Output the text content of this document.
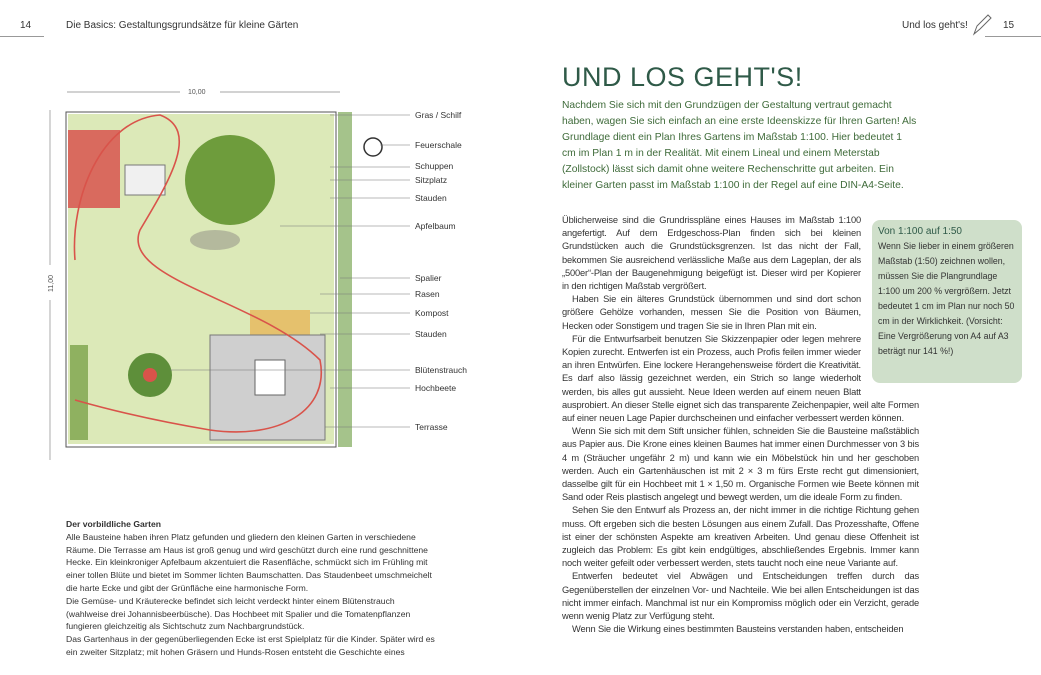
14	Die Basics: Gestaltungsgrundsätze für kleine Gärten	Und los geht's!	15
10,00
11,00
Gras / Schilf
Feuerschale
Schuppen
Sitzplatz
Stauden
Apfelbaum
Spalier
Rasen
Kompost
Stauden
Blütenstrauch
Hochbeete
Terrasse
Der vorbildliche Garten

Alle Bausteine haben ihren Platz gefunden und gliedern den kleinen Garten in verschiedene Räume. Die Terrasse am Haus ist groß genug und wird geschützt durch eine rund geschnittene Hecke. Ein kleinkroniger Apfelbaum akzentuiert die Rasenfläche, schmückt sich im Frühling mit einer tollen Blüte und bietet im Sommer lichten Baumschatten. Das Staudenbeet umschmeichelt die harte Ecke und gibt der Grünfläche eine harmonische Form.

Die Gemüse- und Kräuterecke befindet sich leicht verdeckt hinter einem Blütenstrauch (wahlweise drei Johannisbeerbüsche). Das Hochbeet mit Spalier und die Tomatenpflanzen fungieren gleichzeitig als Sichtschutz zum Nachbargrundstück.

Das Gartenhaus in der gegenüberliegenden Ecke ist erst Spielplatz für die Kinder. Später wird es ein zweiter Sitzplatz; mit hohen Gräsern und Hunds-Rosen entsteht die Geschichte eines

UND LOS GEHT'S!

Nachdem Sie sich mit den Grundzügen der Gestaltung vertraut gemacht haben, wagen Sie sich einfach an eine erste Ideenskizze für Ihren Garten! Als Grundlage dient ein Plan Ihres Gartens im Maßstab 1:100. Hier bedeutet 1 cm im Plan 1 m in der Realität. Mit einem Lineal und einem Meterstab (Zollstock) lässt sich damit ohne weitere Rechenschritte gut arbeiten. Ein kleiner Garten passt im Maßstab 1:100 in der Regel auf eine DIN-A4-Seite.

Üblicherweise sind die Grundrisspläne eines Hauses im Maßstab 1:100 angefertigt. Auf dem Erdgeschoss-Plan finden sich bei kleinen Grundstücken auch die Grundstücksgrenzen. Ist das nicht der Fall, bekommen Sie ausreichend verlässliche Maße aus dem Lageplan, der als „500er“-Plan der Baugenehmigung beigefügt ist. Dieser wird per Kopierer in den richtigen Maßstab vergrößert.

Haben Sie ein älteres Grundstück übernommen und sind dort schon größere Gehölze vorhanden, messen Sie die Position von Bäumen, Hecken oder Sonstigem und tragen Sie sie in Ihren Plan mit ein.

Für die Entwurfsarbeit benutzen Sie Skizzenpapier oder legen mehrere Kopien zurecht. Entwerfen ist ein Prozess, auch Profis feilen immer wieder an ihren Entwürfen. Eine lockere Herangehensweise fördert die Kreativität. Es darf also lässig gezeichnet werden, ein Strich so lange wiederholt werden, bis alles gut aussieht. Neue Ideen werden auf einem neuen Blatt ausprobiert. An dieser Stelle eignet sich das transparente Zeichenpapier, weil alte Formen auf einer neuen Lage Papier durchscheinen und einfacher verbessert werden können.

Wenn Sie sich mit dem Stift unsicher fühlen, schneiden Sie die Bausteine maßstäblich aus Papier aus. Die Krone eines kleinen Baumes hat immer einen Durchmesser von 3 bis 4 m (Sträucher ungefähr 2 m) und kann wie ein Möbelstück hin und her geschoben werden. Auch ein Gartenhäuschen ist mit 2 × 3 m fürs Erste recht gut dimensioniert, dasselbe gilt für ein Hochbeet mit 1 × 1,50 m. Organische Formen wie Beete können mit Sand oder Reis plastisch angelegt und bewegt werden, um die ideale Form zu finden.

Sehen Sie den Entwurf als Prozess an, der nicht immer in die richtige Richtung gehen muss. Oft ergeben sich die besten Lösungen aus einem Zufall. Das Prozesshafte, Offene ist einer der schönsten Aspekte am kreativen Arbeiten. Und genau diese Offenheit ist zugleich das Problem: Es gibt kein endgültiges, abschließendes Ergebnis. Immer kann noch weiter gefeilt oder verbessert werden, stets taucht noch eine neue Variante auf.

Entwerfen bedeutet viel Abwägen und Entscheidungen treffen durch das Gegenüberstellen der einzelnen Vor- und Nachteile. Wie bei allen Entscheidungen ist das nicht immer einfach. Manchmal ist nur ein Kompromiss möglich oder ein Verzicht, gerade wenn wenig Platz zur Verfügung steht.

Wenn Sie die Wirkung eines bestimmten Bausteins verstanden haben, entscheiden

Von 1:100 auf 1:50

Wenn Sie lieber in einem größeren Maßstab (1:50) zeichnen wollen, müssen Sie die Plangrundlage 1:100 um 200 % vergrößern. Jetzt bedeutet 1 cm im Plan nur noch 50 cm in der Wirklichkeit. (Vorsicht: Eine Vergrößerung von A4 auf A3 beträgt nur 141 %!)
